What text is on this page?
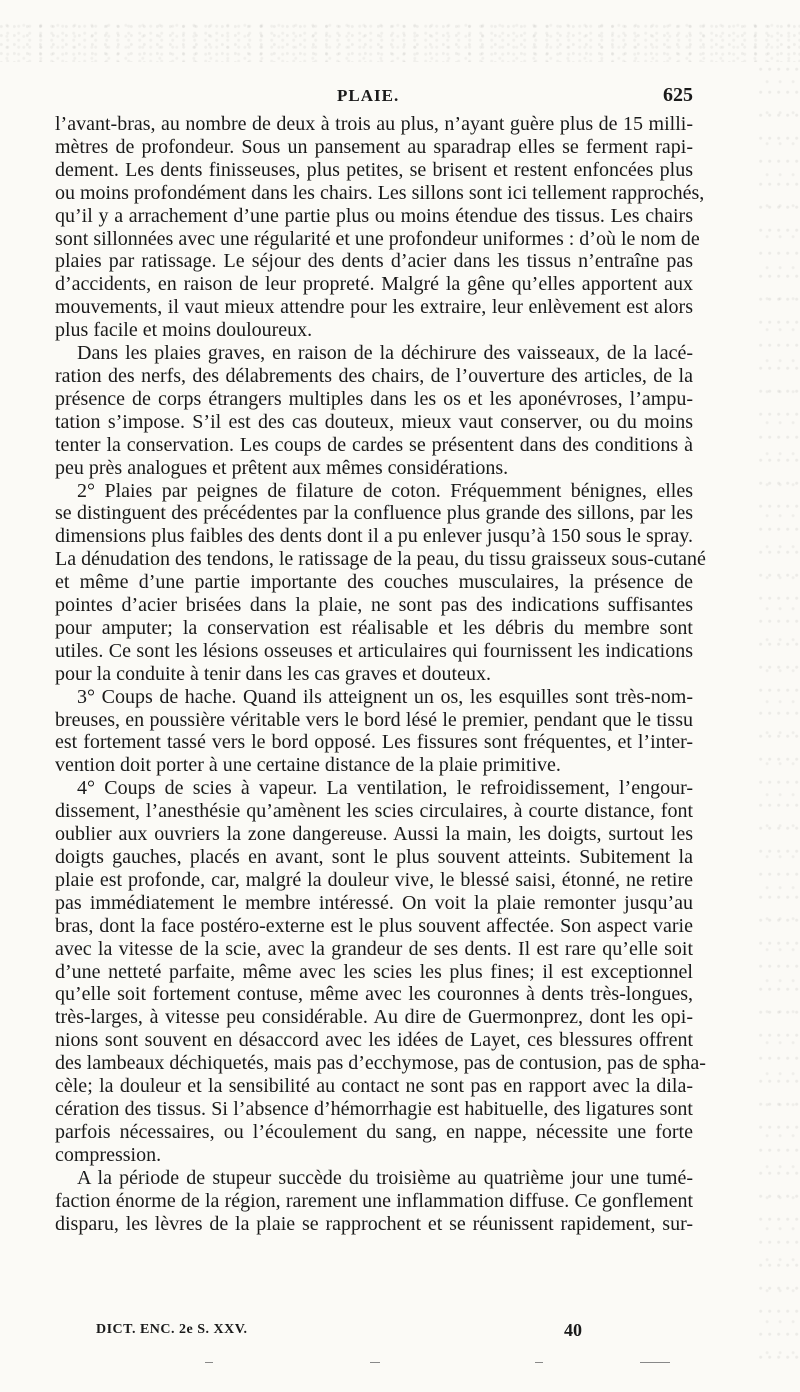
PLAIE.	625
l’avant-bras, au nombre de deux à trois au plus, n’ayant guère plus de 15 milli-
mètres de profondeur. Sous un pansement au sparadrap elles se ferment rapi-
dement. Les dents finisseuses, plus petites, se brisent et restent enfoncées plus
ou moins profondément dans les chairs. Les sillons sont ici tellement rapprochés,
qu’il y a arrachement d’une partie plus ou moins étendue des tissus. Les chairs
sont sillonnées avec une régularité et une profondeur uniformes : d’où le nom de
plaies par ratissage. Le séjour des dents d’acier dans les tissus n’entraîne pas
d’accidents, en raison de leur propreté. Malgré la gêne qu’elles apportent aux
mouvements, il vaut mieux attendre pour les extraire, leur enlèvement est alors
plus facile et moins douloureux.
Dans les plaies graves, en raison de la déchirure des vaisseaux, de la lacé-
ration des nerfs, des délabrements des chairs, de l’ouverture des articles, de la
présence de corps étrangers multiples dans les os et les aponévroses, l’ampu-
tation s’impose. S’il est des cas douteux, mieux vaut conserver, ou du moins
tenter la conservation. Les coups de cardes se présentent dans des conditions à
peu près analogues et prêtent aux mêmes considérations.
2° Plaies par peignes de filature de coton. Fréquemment bénignes, elles
se distinguent des précédentes par la confluence plus grande des sillons, par les
dimensions plus faibles des dents dont il a pu enlever jusqu’à 150 sous le spray.
La dénudation des tendons, le ratissage de la peau, du tissu graisseux sous-cutané
et même d’une partie importante des couches musculaires, la présence de
pointes d’acier brisées dans la plaie, ne sont pas des indications suffisantes
pour amputer; la conservation est réalisable et les débris du membre sont
utiles. Ce sont les lésions osseuses et articulaires qui fournissent les indications
pour la conduite à tenir dans les cas graves et douteux.
3° Coups de hache. Quand ils atteignent un os, les esquilles sont très-nom-
breuses, en poussière véritable vers le bord lésé le premier, pendant que le tissu
est fortement tassé vers le bord opposé. Les fissures sont fréquentes, et l’inter-
vention doit porter à une certaine distance de la plaie primitive.
4° Coups de scies à vapeur. La ventilation, le refroidissement, l’engour-
dissement, l’anesthésie qu’amènent les scies circulaires, à courte distance, font
oublier aux ouvriers la zone dangereuse. Aussi la main, les doigts, surtout les
doigts gauches, placés en avant, sont le plus souvent atteints. Subitement la
plaie est profonde, car, malgré la douleur vive, le blessé saisi, étonné, ne retire
pas immédiatement le membre intéressé. On voit la plaie remonter jusqu’au
bras, dont la face postéro-externe est le plus souvent affectée. Son aspect varie
avec la vitesse de la scie, avec la grandeur de ses dents. Il est rare qu’elle soit
d’une netteté parfaite, même avec les scies les plus fines; il est exceptionnel
qu’elle soit fortement contuse, même avec les couronnes à dents très-longues,
très-larges, à vitesse peu considérable. Au dire de Guermonprez, dont les opi-
nions sont souvent en désaccord avec les idées de Layet, ces blessures offrent
des lambeaux déchiquetés, mais pas d’ecchymose, pas de contusion, pas de spha-
cèle; la douleur et la sensibilité au contact ne sont pas en rapport avec la dila-
cération des tissus. Si l’absence d’hémorrhagie est habituelle, des ligatures sont
parfois nécessaires, ou l’écoulement du sang, en nappe, nécessite une forte
compression.
A la période de stupeur succède du troisième au quatrième jour une tumé-
faction énorme de la région, rarement une inflammation diffuse. Ce gonflement
disparu, les lèvres de la plaie se rapprochent et se réunissent rapidement, sur-
DICT. ENC. 2e S. XXV.	40
